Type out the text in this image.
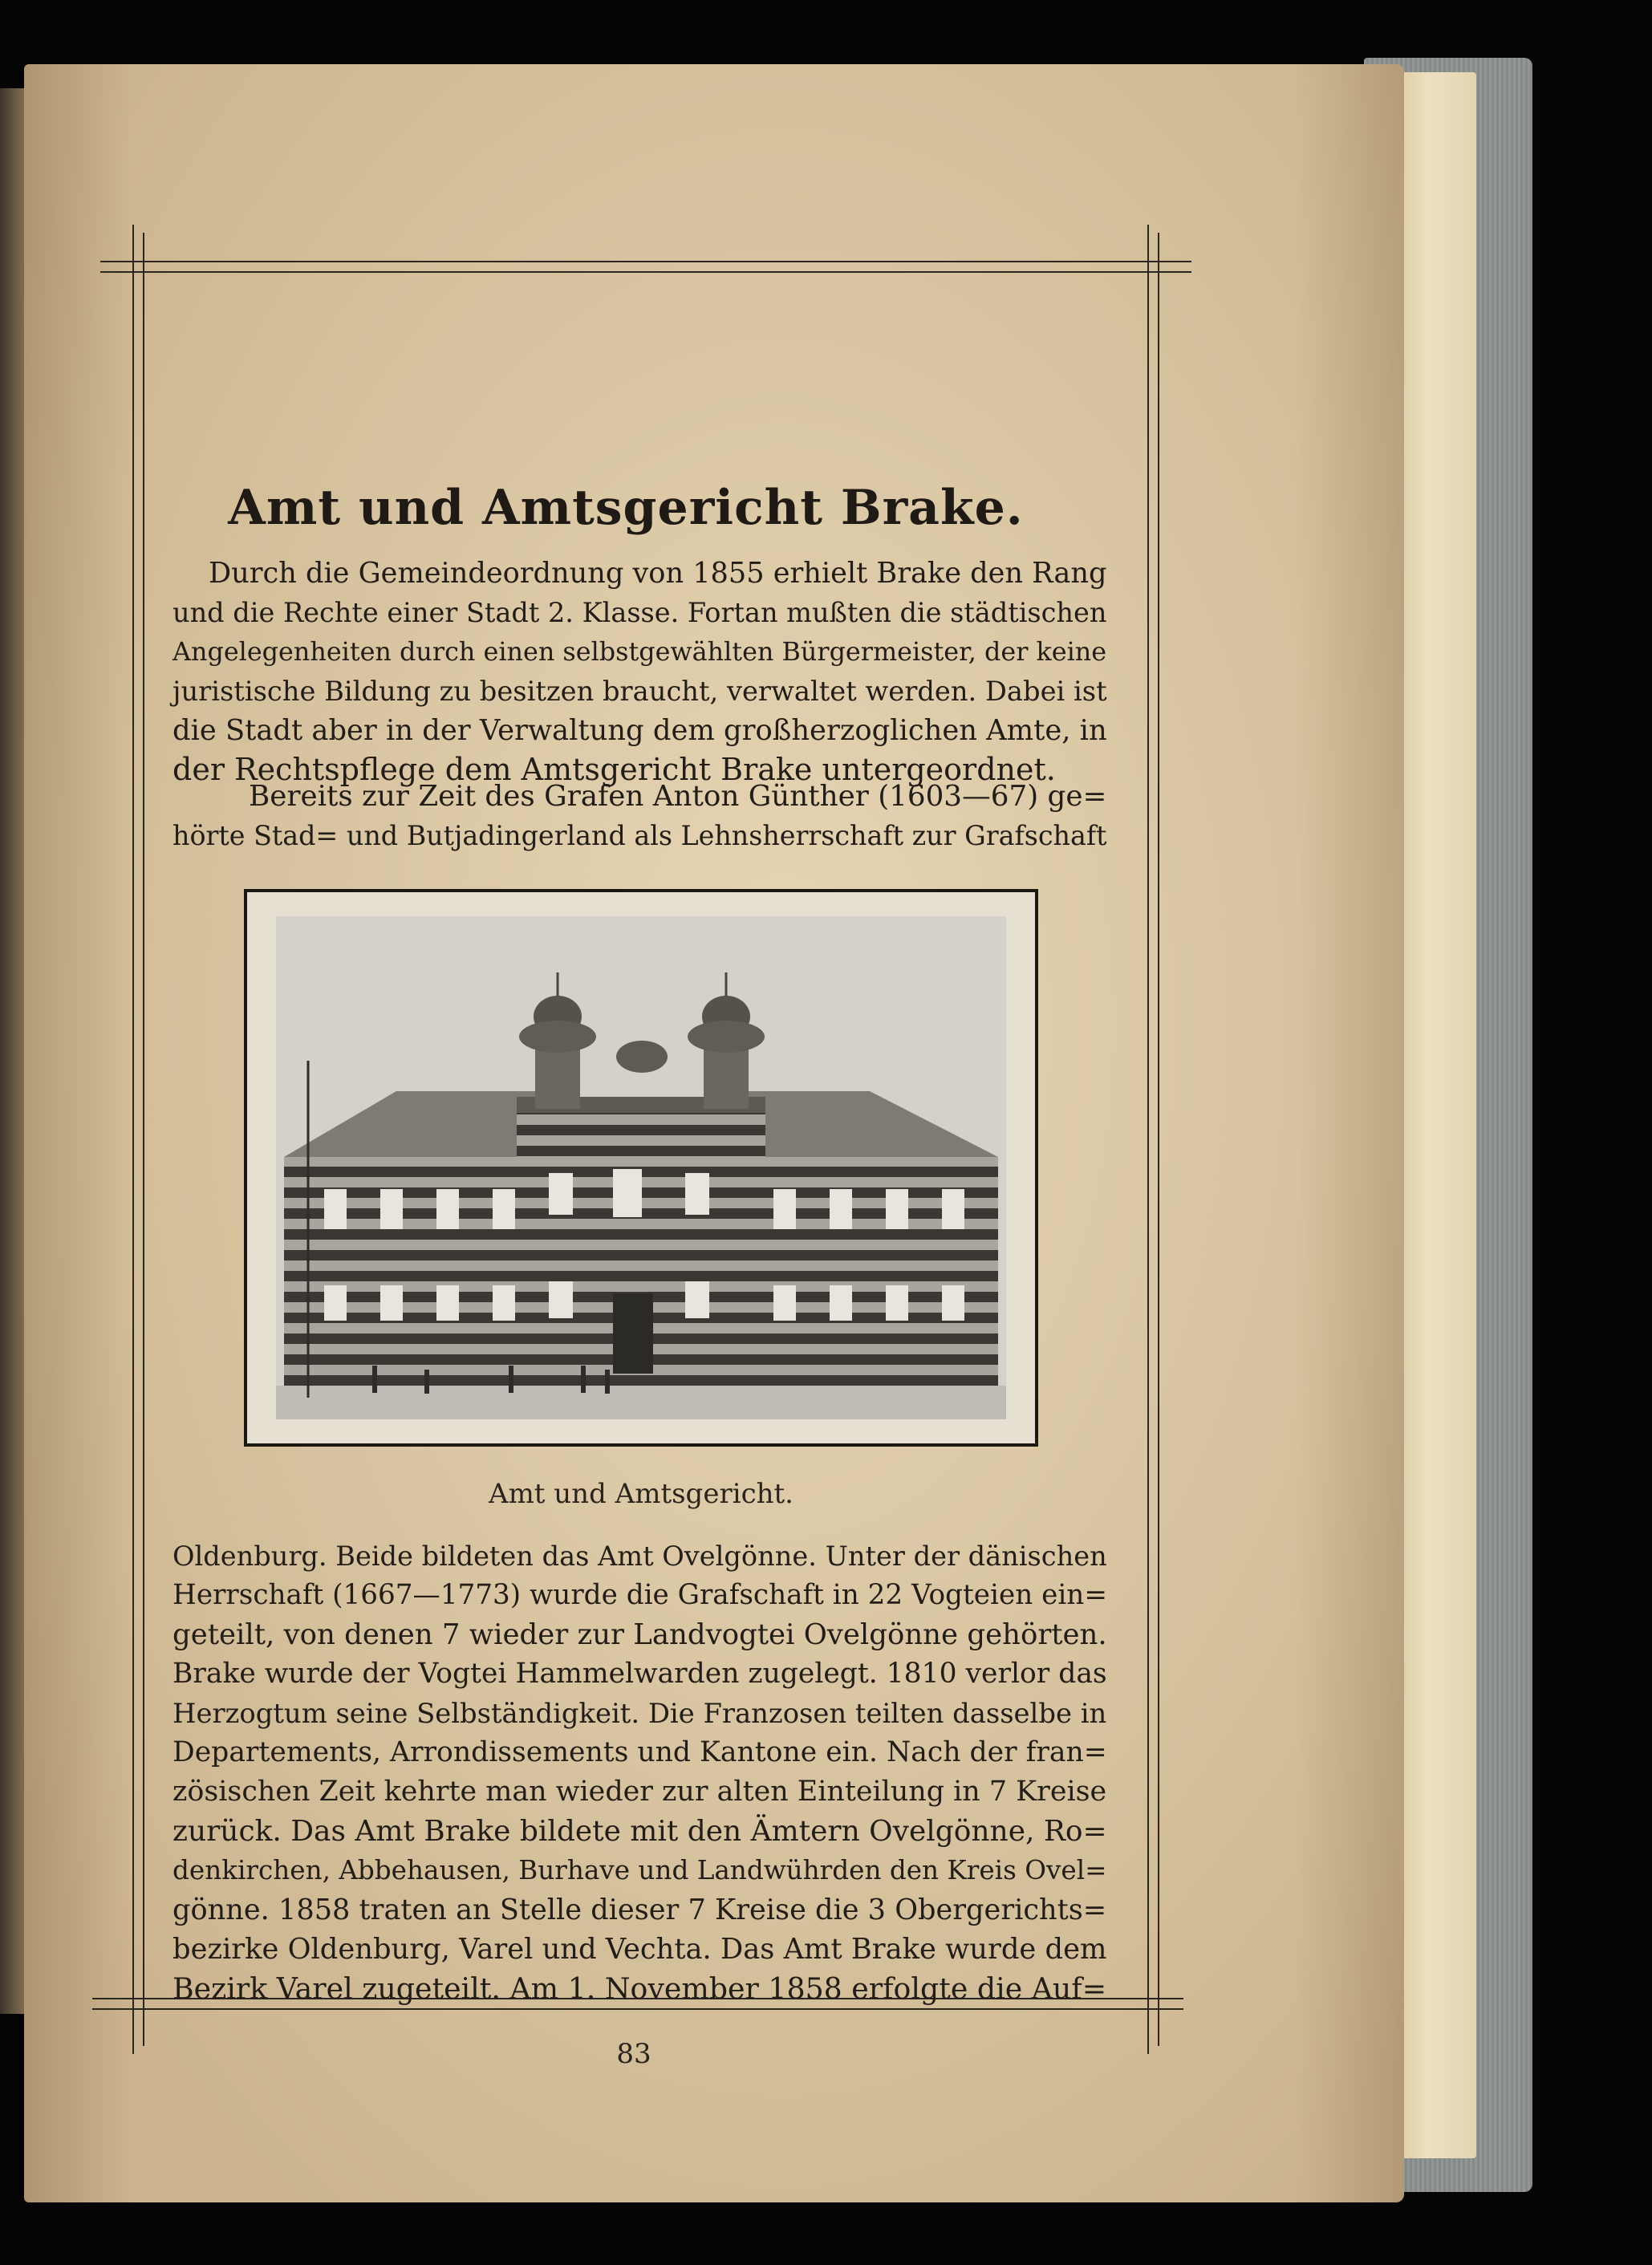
Amt und Amtsgericht Brake.
Durch die Gemeindeordnung von 1855 erhielt Brake den Rang
und die Rechte einer Stadt 2. Klasse. Fortan mußten die städtischen
Angelegenheiten durch einen selbstgewählten Bürgermeister, der keine
juristische Bildung zu besitzen braucht, verwaltet werden. Dabei ist
die Stadt aber in der Verwaltung dem großherzoglichen Amte, in
der Rechtspflege dem Amtsgericht Brake untergeordnet.
Bereits zur Zeit des Grafen Anton Günther (1603—67) ge=
hörte Stad= und Butjadingerland als Lehnsherrschaft zur Grafschaft

Amt und Amtsgericht.

Oldenburg. Beide bildeten das Amt Ovelgönne. Unter der dänischen
Herrschaft (1667—1773) wurde die Grafschaft in 22 Vogteien ein=
geteilt, von denen 7 wieder zur Landvogtei Ovelgönne gehörten.
Brake wurde der Vogtei Hammelwarden zugelegt. 1810 verlor das
Herzogtum seine Selbständigkeit. Die Franzosen teilten dasselbe in
Departements, Arrondissements und Kantone ein. Nach der fran=
zösischen Zeit kehrte man wieder zur alten Einteilung in 7 Kreise
zurück. Das Amt Brake bildete mit den Ämtern Ovelgönne, Ro=
denkirchen, Abbehausen, Burhave und Landwührden den Kreis Ovel=
gönne. 1858 traten an Stelle dieser 7 Kreise die 3 Obergerichts=
bezirke Oldenburg, Varel und Vechta. Das Amt Brake wurde dem
Bezirk Varel zugeteilt. Am 1. November 1858 erfolgte die Auf=

83
